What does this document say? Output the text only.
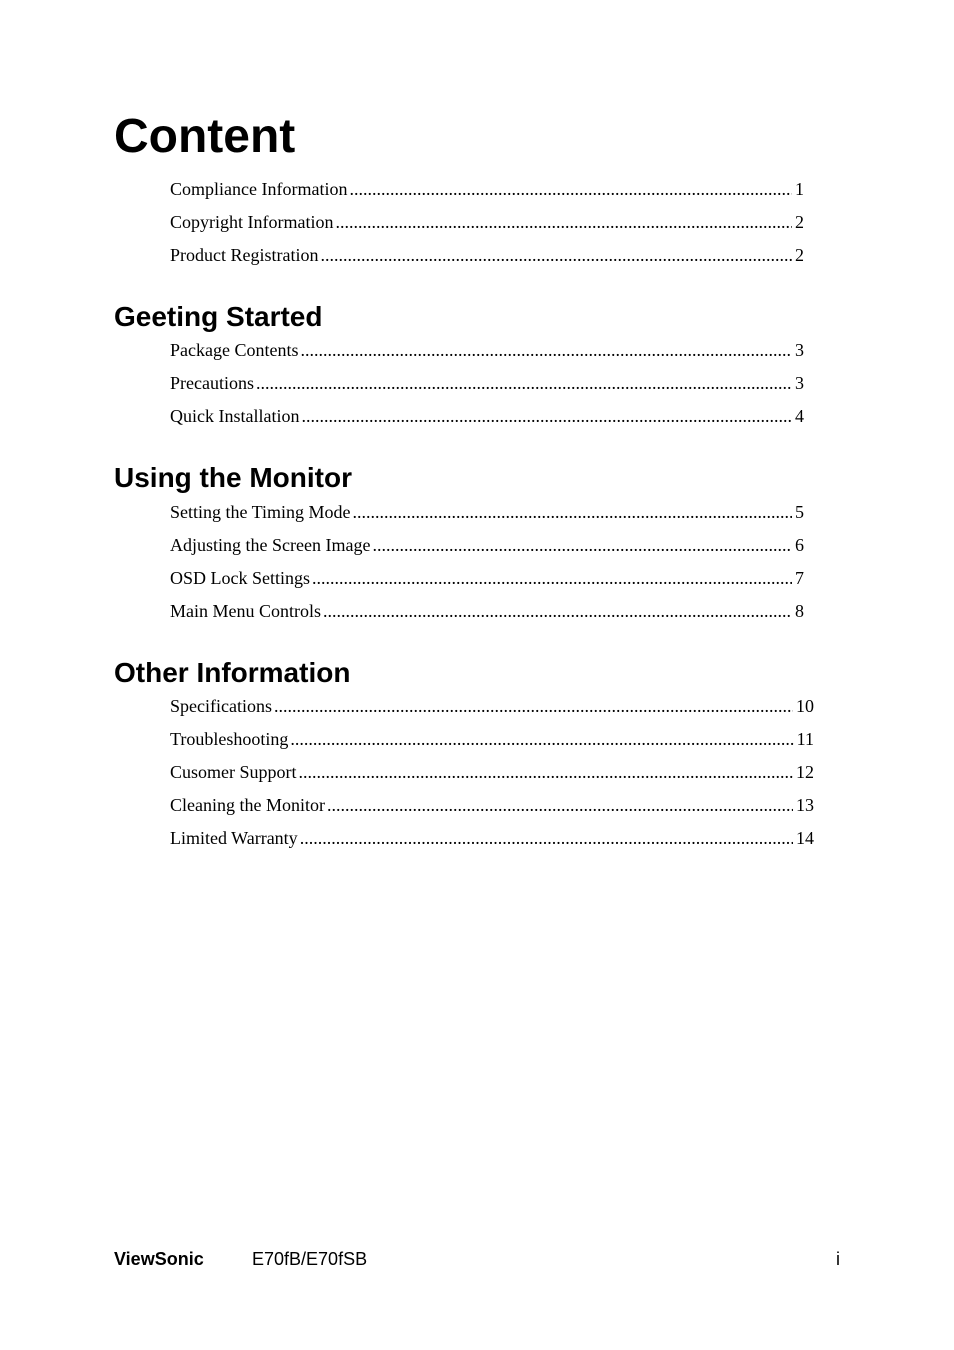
Content
Compliance Information .....	1
Copyright Information .....	2
Product Registration .....	2
Geeting Started
Package Contents .....	3
Precautions .....	3
Quick Installation .....	4
Using the Monitor
Setting the Timing Mode .....	5
Adjusting the Screen Image .....	6
OSD Lock Settings .....	7
Main Menu Controls .....	8
Other Information
Specifications .....	10
Troubleshooting .....	11
Cusomer Support .....	12
Cleaning the Monitor .....	13
Limited Warranty .....	14
ViewSonic	E70fB/E70fSB	i
